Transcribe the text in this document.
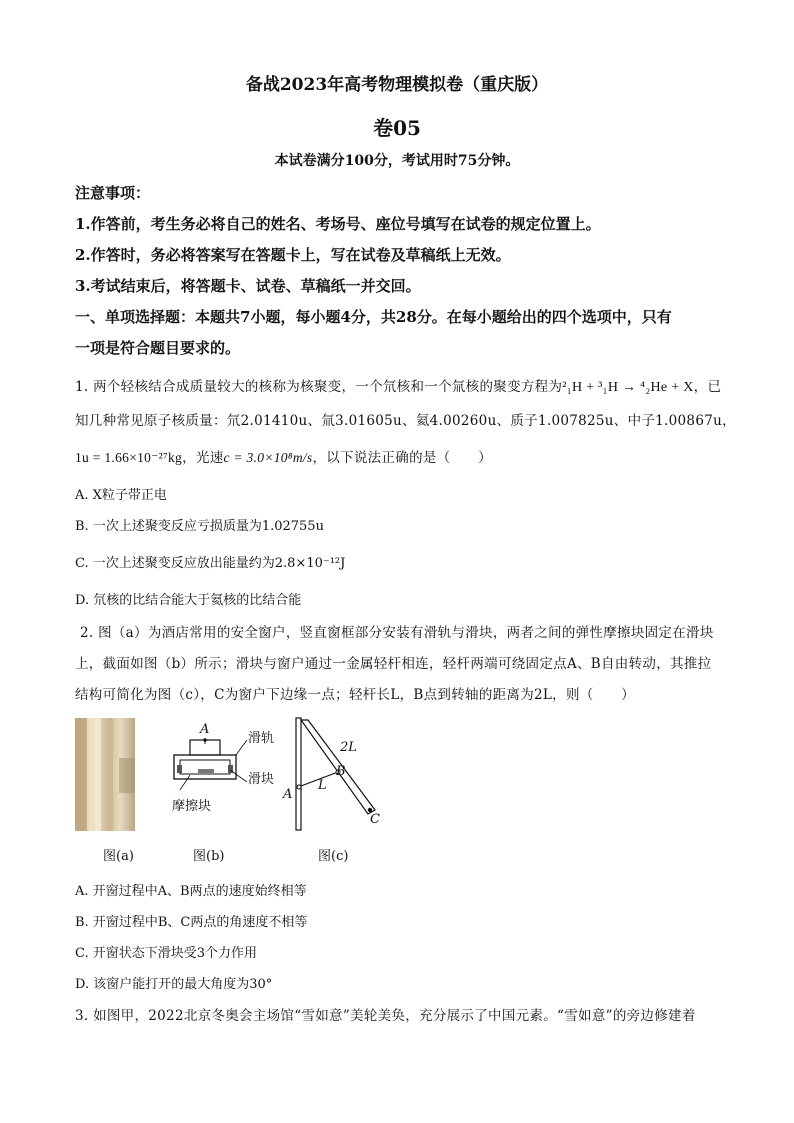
备战2023年高考物理模拟卷（重庆版）
卷05
本试卷满分100分，考试用时75分钟。
注意事项：
1.作答前，考生务必将自己的姓名、考场号、座位号填写在试卷的规定位置上。
2.作答时，务必将答案写在答题卡上，写在试卷及草稿纸上无效。
3.考试结束后，将答题卡、试卷、草稿纸一并交回。
一、单项选择题：本题共7小题，每小题4分，共28分。在每小题给出的四个选项中，只有
一项是符合题目要求的。
1. 两个轻核结合成质量较大的核称为核聚变，一个氘核和一个氚核的聚变方程为²₁H + ³₁H → ⁴₂He + X，已
知几种常见原子核质量：氘2.01410u、氚3.01605u、氦4.00260u、质子1.007825u、中子1.00867u，
1u = 1.66×10⁻²⁷kg，光速c = 3.0×10⁸m/s，以下说法正确的是（　　）
A. X粒子带正电
B. 一次上述聚变反应亏损质量为1.02755u
C. 一次上述聚变反应放出能量约为2.8×10⁻¹²J
D. 氘核的比结合能大于氦核的比结合能
2. 图（a）为酒店常用的安全窗户，竖直窗框部分安装有滑轨与滑块，两者之间的弹性摩擦块固定在滑块
上，截面如图（b）所示；滑块与窗户通过一金属轻杆相连，轻杆两端可绕固定点A、B自由转动，其推拉
结构可简化为图（c），C为窗户下边缘一点；轻杆长L，B点到转轴的距离为2L，则（　　）
A
滑轨
滑块
摩擦块
A
B
C
L
2L
图(a)	图(b)	图(c)
A. 开窗过程中A、B两点的速度始终相等
B. 开窗过程中B、C两点的角速度不相等
C. 开窗状态下滑块受3个力作用
D. 该窗户能打开的最大角度为30°
3. 如图甲，2022北京冬奥会主场馆“雪如意”美轮美奂，充分展示了中国元素。“雪如意”的旁边修建着
